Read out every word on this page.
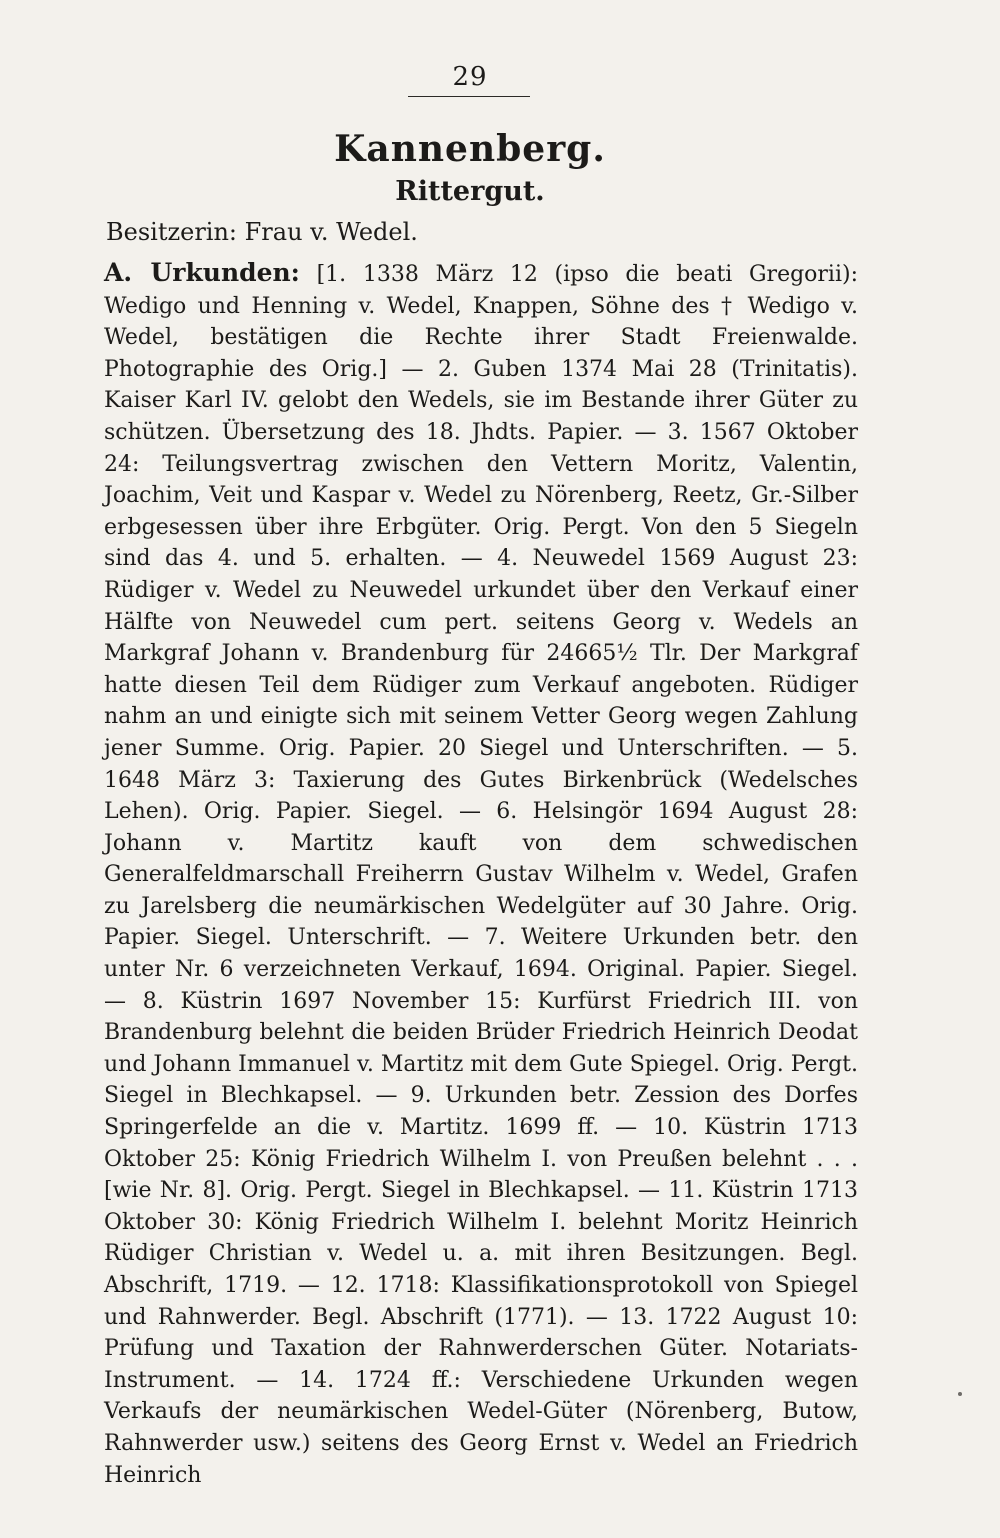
29
Kannenberg.
Rittergut.
Besitzerin: Frau v. Wedel.

A. Urkunden: [1. 1338 März 12 (ipso die beati Gregorii): Wedigo und Henning v. Wedel, Knappen, Söhne des † Wedigo v. Wedel, bestätigen die Rechte ihrer Stadt Freienwalde. Photographie des Orig.] — 2. Guben 1374 Mai 28 (Trinitatis). Kaiser Karl IV. gelobt den Wedels, sie im Bestande ihrer Güter zu schützen. Übersetzung des 18. Jhdts. Papier. — 3. 1567 Oktober 24: Teilungsvertrag zwischen den Vettern Moritz, Valentin, Joachim, Veit und Kaspar v. Wedel zu Nörenberg, Reetz, Gr.-Silber erbgesessen über ihre Erbgüter. Orig. Pergt. Von den 5 Siegeln sind das 4. und 5. erhalten. — 4. Neuwedel 1569 August 23: Rüdiger v. Wedel zu Neuwedel urkundet über den Verkauf einer Hälfte von Neuwedel cum pert. seitens Georg v. Wedels an Markgraf Johann v. Brandenburg für 24665½ Tlr. Der Markgraf hatte diesen Teil dem Rüdiger zum Verkauf angeboten. Rüdiger nahm an und einigte sich mit seinem Vetter Georg wegen Zahlung jener Summe. Orig. Papier. 20 Siegel und Unterschriften. — 5. 1648 März 3: Taxierung des Gutes Birkenbrück (Wedelsches Lehen). Orig. Papier. Siegel. — 6. Helsingör 1694 August 28: Johann v. Martitz kauft von dem schwedischen Generalfeldmarschall Freiherrn Gustav Wilhelm v. Wedel, Grafen zu Jarelsberg die neumärkischen Wedelgüter auf 30 Jahre. Orig. Papier. Siegel. Unterschrift. — 7. Weitere Urkunden betr. den unter Nr. 6 verzeichneten Verkauf, 1694. Original. Papier. Siegel. — 8. Küstrin 1697 November 15: Kurfürst Friedrich III. von Brandenburg belehnt die beiden Brüder Friedrich Heinrich Deodat und Johann Immanuel v. Martitz mit dem Gute Spiegel. Orig. Pergt. Siegel in Blechkapsel. — 9. Urkunden betr. Zession des Dorfes Springerfelde an die v. Martitz. 1699 ff. — 10. Küstrin 1713 Oktober 25: König Friedrich Wilhelm I. von Preußen belehnt . . . [wie Nr. 8]. Orig. Pergt. Siegel in Blechkapsel. — 11. Küstrin 1713 Oktober 30: König Friedrich Wilhelm I. belehnt Moritz Heinrich Rüdiger Christian v. Wedel u. a. mit ihren Besitzungen. Begl. Abschrift, 1719. — 12. 1718: Klassifikationsprotokoll von Spiegel und Rahnwerder. Begl. Abschrift (1771). — 13. 1722 August 10: Prüfung und Taxation der Rahnwerderschen Güter. Notariats-Instrument. — 14. 1724 ff.: Verschiedene Urkunden wegen Verkaufs der neumärkischen Wedel-Güter (Nörenberg, Butow, Rahnwerder usw.) seitens des Georg Ernst v. Wedel an Friedrich Heinrich
